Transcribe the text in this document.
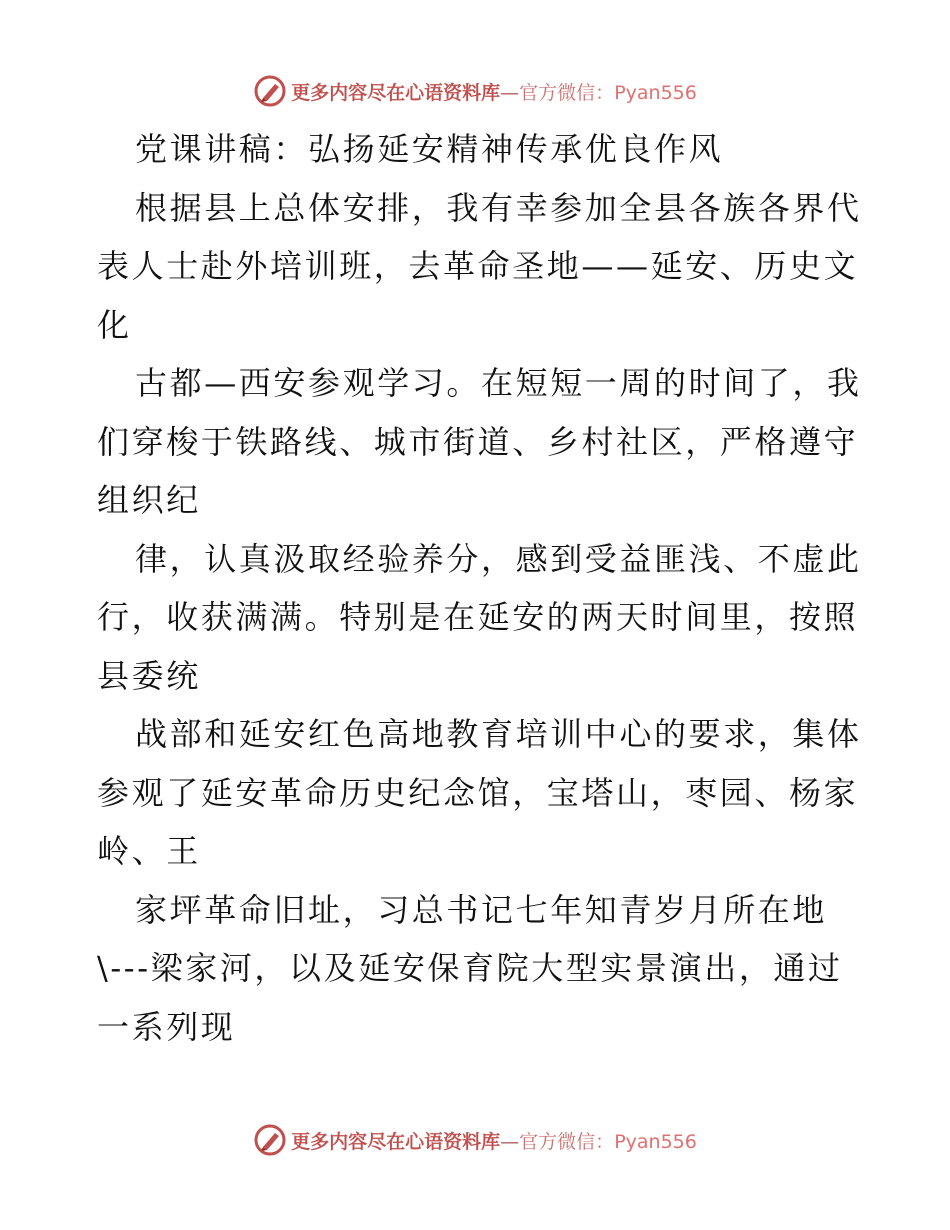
更多内容尽在心语资料库—官方微信：Pyan556
党课讲稿：弘扬延安精神传承优良作风
根据县上总体安排，我有幸参加全县各族各界代
表人士赴外培训班，去革命圣地——延安、历史文
化
古都—西安参观学习。在短短一周的时间了，我
们穿梭于铁路线、城市街道、乡村社区，严格遵守
组织纪
律，认真汲取经验养分，感到受益匪浅、不虚此
行，收获满满。特别是在延安的两天时间里，按照
县委统
战部和延安红色高地教育培训中心的要求，集体
参观了延安革命历史纪念馆，宝塔山，枣园、杨家
岭、王
家坪革命旧址，习总书记七年知青岁月所在地
\---梁家河，以及延安保育院大型实景演出，通过
一系列现
更多内容尽在心语资料库—官方微信：Pyan556
